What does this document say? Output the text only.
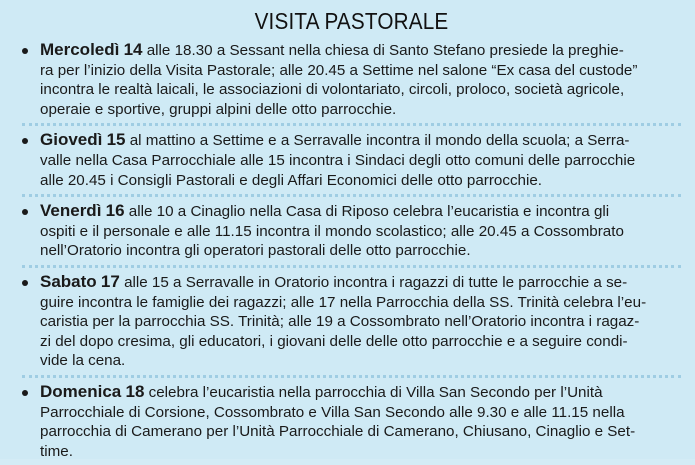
VISITA PASTORALE
Mercoledì 14 alle 18.30 a Sessant nella chiesa di Santo Stefano presiede la preghie-
ra per l’inizio della Visita Pastorale; alle 20.45 a Settime nel salone “Ex casa del custode”
incontra le realtà laicali, le associazioni di volontariato, circoli, proloco, società agricole,
operaie e sportive, gruppi alpini delle otto parrocchie.
Giovedì 15 al mattino a Settime e a Serravalle incontra il mondo della scuola; a Serra-
valle nella Casa Parrocchiale alle 15 incontra i Sindaci degli otto comuni delle parrocchie
alle 20.45 i Consigli Pastorali e degli Affari Economici delle otto parrocchie.
Venerdì 16 alle 10 a Cinaglio nella Casa di Riposo celebra l’eucaristia e incontra gli
ospiti e il personale e alle 11.15 incontra il mondo scolastico; alle 20.45 a Cossombrato
nell’Oratorio incontra gli operatori pastorali delle otto parrocchie.
Sabato 17 alle 15 a Serravalle in Oratorio incontra i ragazzi di tutte le parrocchie a se-
guire incontra le famiglie dei ragazzi; alle 17 nella Parrocchia della SS. Trinità celebra l’eu-
caristia per la parrocchia SS. Trinità; alle 19 a Cossombrato nell’Oratorio incontra i ragaz-
zi del dopo cresima, gli educatori, i giovani delle delle otto parrocchie e a seguire condi-
vide la cena.
Domenica 18 celebra l’eucaristia nella parrocchia di Villa San Secondo per l’Unità
Parrocchiale di Corsione, Cossombrato e Villa San Secondo alle 9.30 e alle 11.15 nella
parrocchia di Camerano per l’Unità Parrocchiale di Camerano, Chiusano, Cinaglio e Set-
time.
